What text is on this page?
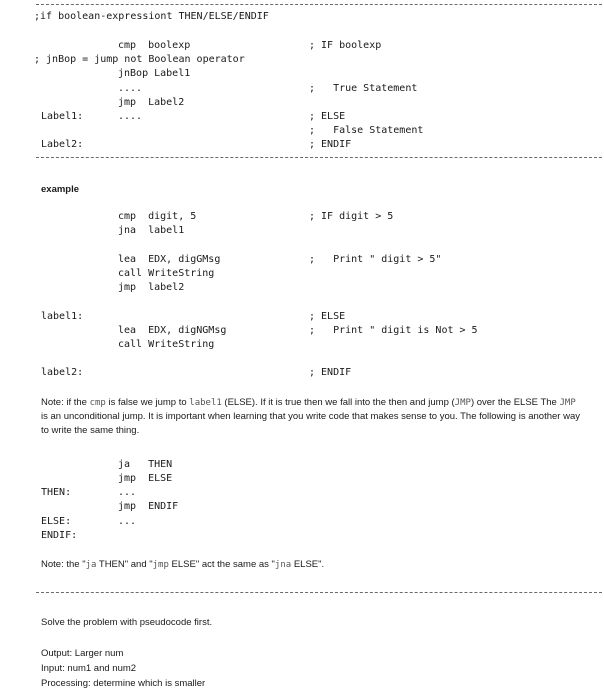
;if boolean-expressiont THEN/ELSE/ENDIF
cmp  boolexp	; IF boolexp
; jnBop = jump not Boolean operator
jnBop Label1
....	;   True Statement
jmp  Label2
Label1:	....	; ELSE
;   False Statement
Label2:	; ENDIF
example
cmp  digit, 5	; IF digit > 5
jna  label1
lea  EDX, digGMsg	;   Print " digit > 5"
call WriteString
jmp  label2
label1:	; ELSE
lea  EDX, digNGMsg	;   Print " digit is Not > 5
call WriteString
label2:	; ENDIF
Note: if the cmp is false we jump to label1 (ELSE). If it is true then we fall into the then and jump (JMP) over the ELSE The JMP is an unconditional jump. It is important when learning that you write code that makes sense to you. The following is another way to write the same thing.
ja   THEN
jmp  ELSE
THEN:	...
jmp  ENDIF
ELSE:	...
ENDIF:
Note: the "ja THEN" and "jmp ELSE" act the same as "jna ELSE".
Solve the problem with pseudocode first.
Output: Larger num
Input: num1 and num2
Processing: determine which is smaller
